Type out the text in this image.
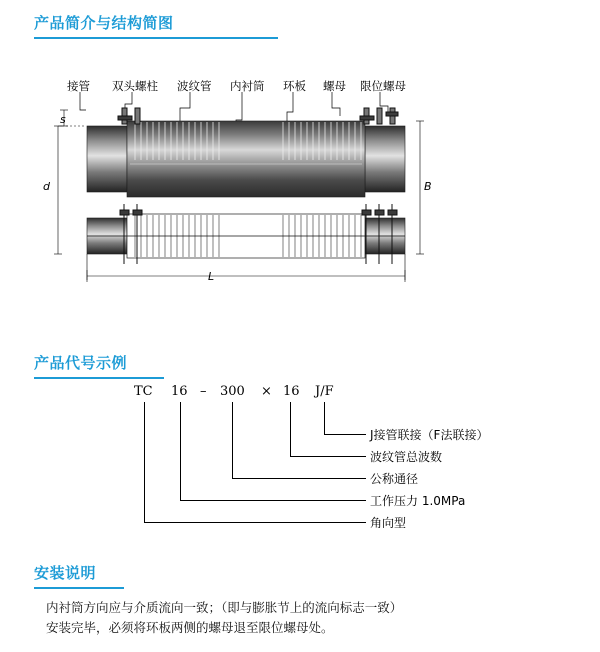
产品简介与结构简图
接管 双头螺柱 波纹管 内衬筒 环板 螺母 限位螺母
s
d	B
L
产品代号示例
TC 16 – 300 × 16 J/F
J接管联接（F法联接）
波纹管总波数
公称通径
工作压力 1.0MPa
角向型
安装说明
内衬筒方向应与介质流向一致；（即与膨胀节上的流向标志一致）
安装完毕，必须将环板两侧的螺母退至限位螺母处。
